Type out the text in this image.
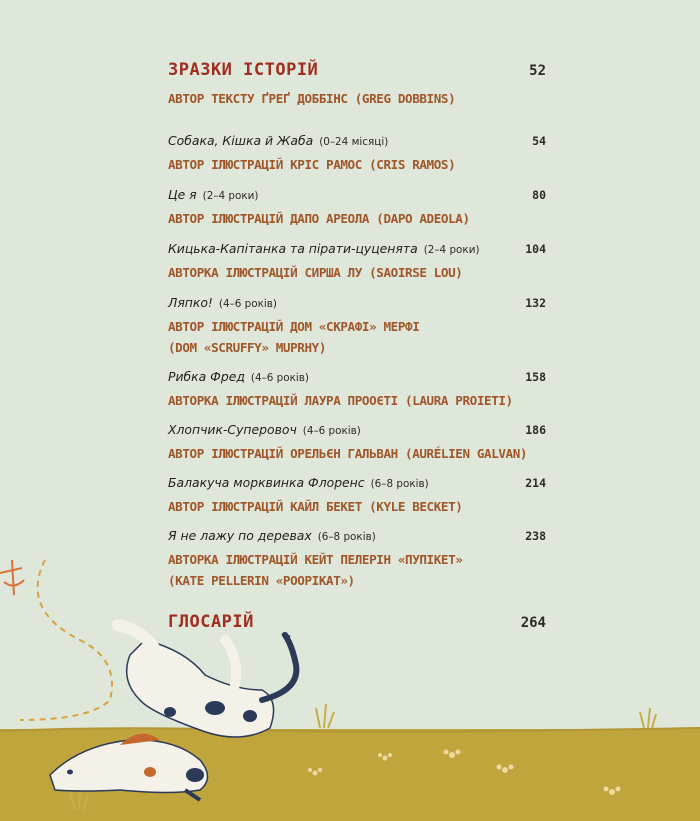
ЗРАЗКИ ІСТОРІЙ	52
АВТОР ТЕКСТУ ҐРЕҐ ДОББІНС (GREG DOBBINS)
Собака, Кішка й Жаба (0–24 місяці)	54
АВТОР ІЛЮСТРАЦІЙ КРІС РАМОС (CRIS RAMOS)
Це я (2–4 роки)	80
АВТОР ІЛЮСТРАЦІЙ ДАПО АРЕОЛА (DAPO ADEOLA)
Кицька-Капітанка та пірати-цуценята (2–4 роки)	104
АВТОРКА ІЛЮСТРАЦІЙ СИРША ЛУ (SAOIRSE LOU)
Ляпко! (4–6 років)	132
АВТОР ІЛЮСТРАЦІЙ ДОМ «СКРАФІ» МЕРФІ
(DOM «SCRUFFY» MUPRHY)
Рибка Фред (4–6 років)	158
АВТОРКА ІЛЮСТРАЦІЙ ЛАУРА ПРООЄТІ (LAURA PROIETI)
Хлопчик-Суперовоч (4–6 років)	186
АВТОР ІЛЮСТРАЦІЙ ОРЕЛЬЄН ГАЛЬВАН (AURÉLIEN GALVAN)
Балакуча морквинка Флоренс (6–8 років)	214
АВТОР ІЛЮСТРАЦІЙ КАЙЛ БЕКЕТ (KYLE BECKET)
Я не лажу по деревах (6–8 років)	238
АВТОРКА ІЛЮСТРАЦІЙ КЕЙТ ПЕЛЕРІН «ПУПІКЕТ»
(KATE PELLERIN «POOPIKAT»)
ГЛОСАРІЙ	264
